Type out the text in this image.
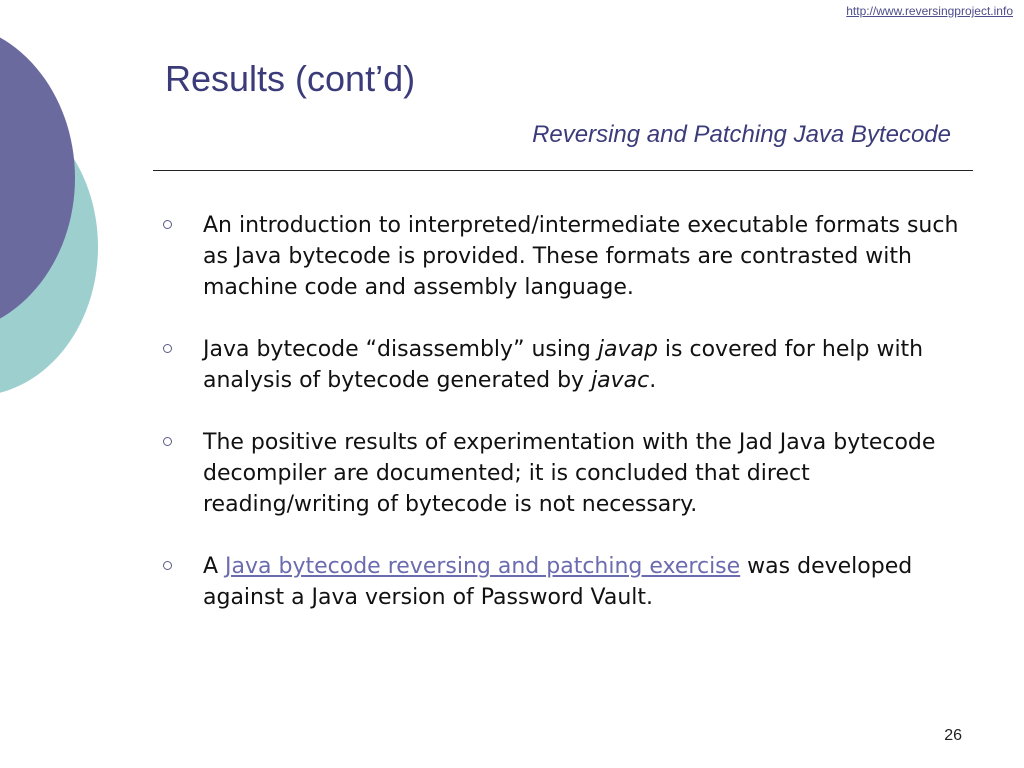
http://www.reversingproject.info
Results (cont’d)
Reversing and Patching Java Bytecode
An introduction to interpreted/intermediate executable formats such as Java bytecode is provided. These formats are contrasted with machine code and assembly language.
Java bytecode “disassembly” using javap is covered for help with analysis of bytecode generated by javac.
The positive results of experimentation with the Jad Java bytecode decompiler are documented; it is concluded that direct reading/writing of bytecode is not necessary.
A Java bytecode reversing and patching exercise was developed against a Java version of Password Vault.
26
